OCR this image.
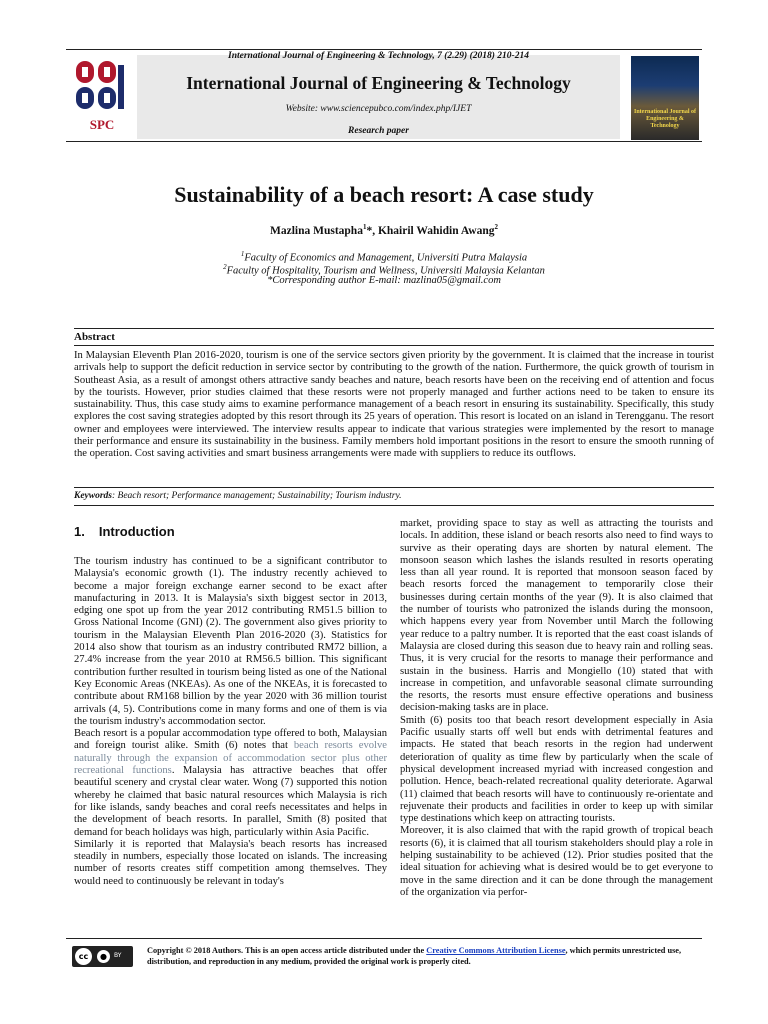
International Journal of Engineering & Technology, 7 (2.29) (2018) 210-214
International Journal of Engineering & Technology
Website: www.sciencepubco.com/index.php/IJET
Research paper
SPC
International Journal of Engineering & Technology
Sustainability of a beach resort: A case study
Mazlina Mustapha$^1$*, Khairil Wahidin Awang$^2$
$^1$Faculty of Economics and Management, Universiti Putra Malaysia
$^2$Faculty of Hospitality, Tourism and Wellness, Universiti Malaysia Kelantan
*Corresponding author E-mail: mazlina05@gmail.com
Abstract
In Malaysian Eleventh Plan 2016-2020, tourism is one of the service sectors given priority by the government. It is claimed that the increase in tourist arrivals help to support the deficit reduction in service sector by contributing to the growth of the nation. Furthermore, the quick growth of tourism in Southeast Asia, as a result of amongst others attractive sandy beaches and nature, beach resorts have been on the receiving end of attention and focus by the tourists. However, prior studies claimed that these resorts were not properly managed and further actions need to be taken to ensure its sustainability. Thus, this case study aims to examine performance management of a beach resort in ensuring its sustainability. Specifically, this study explores the cost saving strategies adopted by this resort through its 25 years of operation. This resort is located on an island in Terengganu. The resort owner and employees were interviewed. The interview results appear to indicate that various strategies were implemented by the resort to manage their performance and ensure its sustainability in the business. Family members hold important positions in the resort to ensure the smooth running of the operation. Cost saving activities and smart business arrangements were made with suppliers to reduce its outflows.
Keywords: Beach resort; Performance management; Sustainability; Tourism industry.
1. Introduction

The tourism industry has continued to be a significant contributor to Malaysia's economic growth (1). The industry recently achieved to become a major foreign exchange earner second to be exact after manufacturing in 2013. It is Malaysia's sixth biggest sector in 2013, edging one spot up from the year 2012 contributing RM51.5 billion to Gross National Income (GNI) (2). The government also gives priority to tourism in the Malaysian Eleventh Plan 2016-2020 (3). Statistics for 2014 also show that tourism as an industry contributed RM72 billion, a 27.4% increase from the year 2010 at RM56.5 billion. This significant contribution further resulted in tourism being listed as one of the National Key Economic Areas (NKEAs). As one of the NKEAs, it is forecasted to contribute about RM168 billion by the year 2020 with 36 million tourist arrivals (4, 5). Contributions come in many forms and one of them is via the tourism industry's accommodation sector.

Beach resort is a popular accommodation type offered to both, Malaysian and foreign tourist alike. Smith (6) notes that beach resorts evolve naturally through the expansion of accommodation sector plus other recreational functions. Malaysia has attractive beaches that offer beautiful scenery and crystal clear water. Wong (7) supported this notion whereby he claimed that basic natural resources which Malaysia is rich for like islands, sandy beaches and coral reefs necessitates and helps in the development of beach resorts. In parallel, Smith (8) posited that demand for beach holidays was high, particularly within Asia Pacific.

Similarly it is reported that Malaysia's beach resorts has increased steadily in numbers, especially those located on islands. The increasing number of resorts creates stiff competition among themselves. They would need to continuously be relevant in today's

market, providing space to stay as well as attracting the tourists and locals. In addition, these island or beach resorts also need to find ways to survive as their operating days are shorten by natural element. The monsoon season which lashes the islands resulted in resorts operating less than all year round. It is reported that monsoon season faced by beach resorts forced the management to temporarily close their businesses during certain months of the year (9). It is also claimed that the number of tourists who patronized the islands during the monsoon, which happens every year from November until March the following year reduce to a paltry number. It is reported that the east coast islands of Malaysia are closed during this season due to heavy rain and rolling seas. Thus, it is very crucial for the resorts to manage their performance and sustain in the business. Harris and Mongiello (10) stated that with increase in competition, and unfavorable seasonal climate surrounding the resorts, the resorts must ensure effective operations and business decision-making tasks are in place.

Smith (6) posits too that beach resort development especially in Asia Pacific usually starts off well but ends with detrimental features and impacts. He stated that beach resorts in the region had underwent deterioration of quality as time flew by particularly when the scale of physical development increased myriad with increased congestion and pollution. Hence, beach-related recreational quality deteriorate. Agarwal (11) claimed that beach resorts will have to continuously re-orientate and rejuvenate their products and facilities in order to keep up with similar type destinations which keep on attracting tourists.

Moreover, it is also claimed that with the rapid growth of tropical beach resorts (6), it is claimed that all tourism stakeholders should play a role in helping sustainability to be achieved (12). Prior studies posited that the ideal situation for achieving what is desired would be to get everyone to move in the same direction and it can be done through the management of the organization via perfor-

cc	●	BY
Copyright © 2018 Authors. This is an open access article distributed under the Creative Commons Attribution License, which permits unrestricted use, distribution, and reproduction in any medium, provided the original work is properly cited.
